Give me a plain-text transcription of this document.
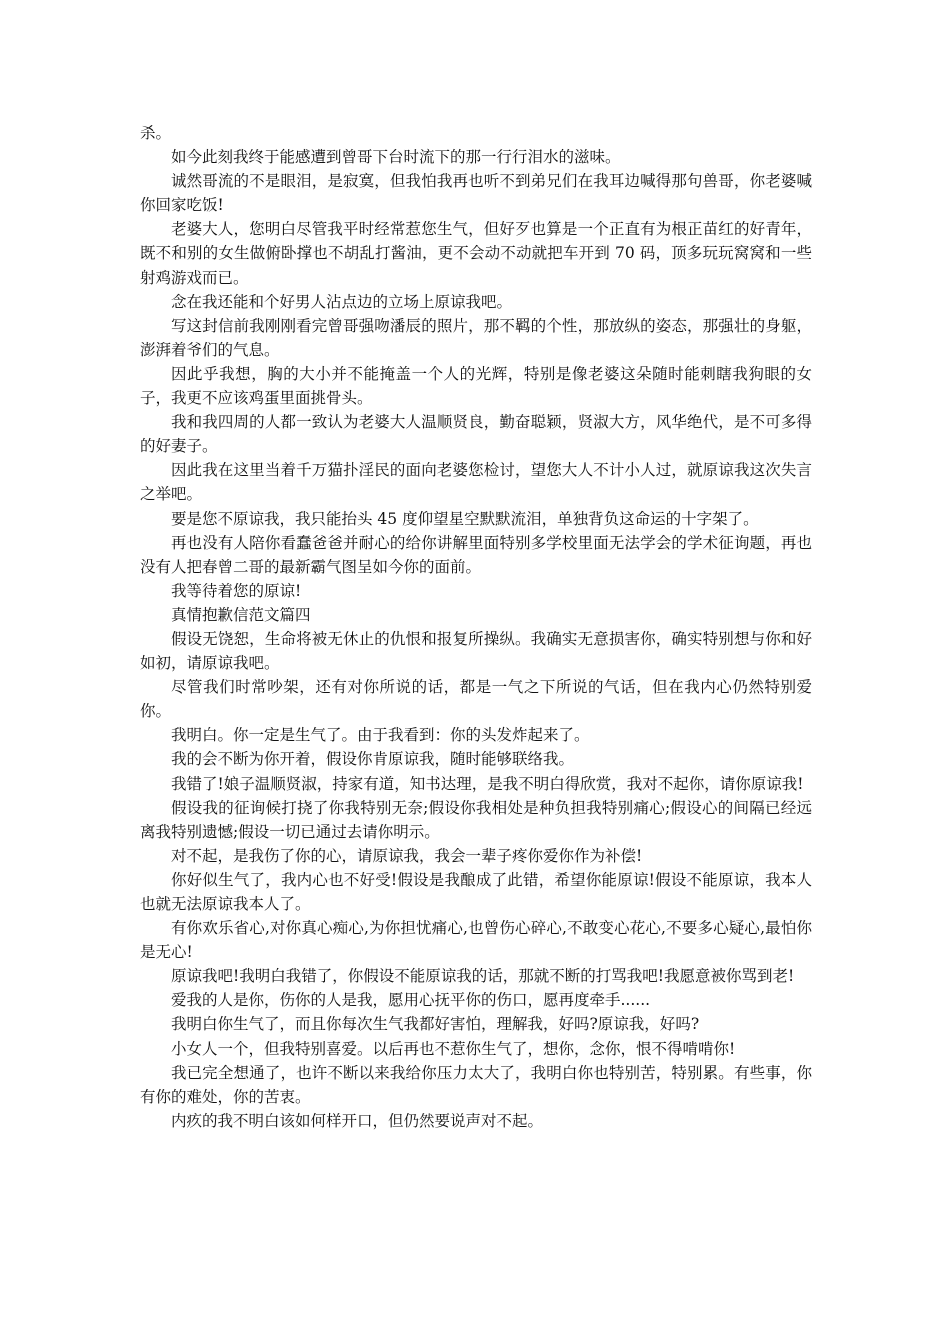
杀。

如今此刻我终于能感遭到曾哥下台时流下的那一行行泪水的滋味。

诚然哥流的不是眼泪，是寂寞，但我怕我再也听不到弟兄们在我耳边喊得那句兽哥，你老婆喊你回家吃饭!

老婆大人，您明白尽管我平时经常惹您生气，但好歹也算是一个正直有为根正苗红的好青年，既不和别的女生做俯卧撑也不胡乱打酱油，更不会动不动就把车开到 70 码，顶多玩玩窝窝和一些射鸡游戏而已。

念在我还能和个好男人沾点边的立场上原谅我吧。

写这封信前我刚刚看完曾哥强吻潘辰的照片，那不羁的个性，那放纵的姿态，那强壮的身躯，澎湃着爷们的气息。

因此乎我想，胸的大小并不能掩盖一个人的光辉，特别是像老婆这朵随时能刺瞎我狗眼的女子，我更不应该鸡蛋里面挑骨头。

我和我四周的人都一致认为老婆大人温顺贤良，勤奋聪颖，贤淑大方，风华绝代，是不可多得的好妻子。

因此我在这里当着千万猫扑淫民的面向老婆您检讨，望您大人不计小人过，就原谅我这次失言之举吧。

要是您不原谅我，我只能抬头 45 度仰望星空默默流泪，单独背负这命运的十字架了。

再也没有人陪你看蠢爸爸并耐心的给你讲解里面特别多学校里面无法学会的学术征询题，再也没有人把春曾二哥的最新霸气图呈如今你的面前。

我等待着您的原谅!

真情抱歉信范文篇四

假设无饶恕，生命将被无休止的仇恨和报复所操纵。我确实无意损害你，确实特别想与你和好如初，请原谅我吧。

尽管我们时常吵架，还有对你所说的话，都是一气之下所说的气话，但在我内心仍然特别爱你。

我明白。你一定是生气了。由于我看到：你的头发炸起来了。

我的会不断为你开着，假设你肯原谅我，随时能够联络我。

我错了!娘子温顺贤淑，持家有道，知书达理，是我不明白得欣赏，我对不起你，请你原谅我!

假设我的征询候打挠了你我特别无奈;假设你我相处是种负担我特别痛心;假设心的间隔已经远离我特别遗憾;假设一切已通过去请你明示。

对不起，是我伤了你的心，请原谅我，我会一辈子疼你爱你作为补偿!

你好似生气了，我内心也不好受!假设是我酿成了此错，希望你能原谅!假设不能原谅，我本人也就无法原谅我本人了。

有你欢乐省心,对你真心痴心,为你担忧痛心,也曾伤心碎心,不敢变心花心,不要多心疑心,最怕你是无心!

原谅我吧!我明白我错了，你假设不能原谅我的话，那就不断的打骂我吧!我愿意被你骂到老!

爱我的人是你，伤你的人是我，愿用心抚平你的伤口，愿再度牵手......

我明白你生气了，而且你每次生气我都好害怕，理解我，好吗?原谅我，好吗?

小女人一个，但我特别喜爱。以后再也不惹你生气了，想你，念你，恨不得啃啃你!

我已完全想通了，也许不断以来我给你压力太大了，我明白你也特别苦，特别累。有些事，你有你的难处，你的苦衷。

内疚的我不明白该如何样开口，但仍然要说声对不起。
